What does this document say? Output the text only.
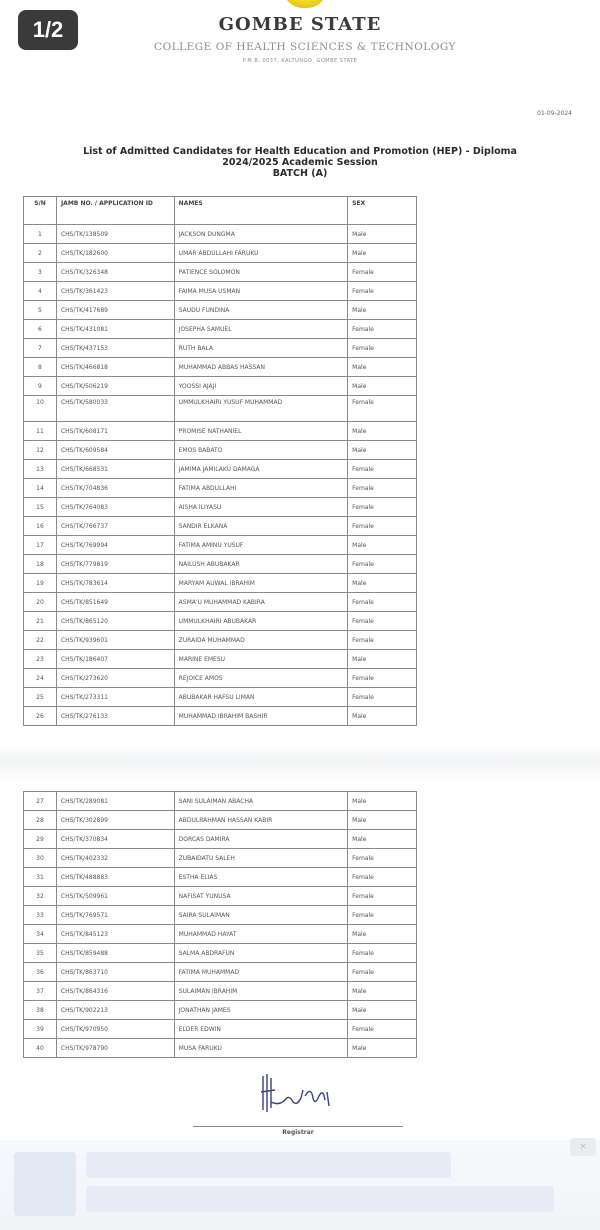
1/2	GOMBE STATE
COLLEGE OF HEALTH SCIENCES & TECHNOLOGY
P.M.B. 0037, KALTUNGO, GOMBE STATE
01-09-2024
List of Admitted Candidates for Health Education and Promotion (HEP) - Diploma
2024/2025 Academic Session
BATCH (A)
S/N	JAMB NO. / APPLICATION ID	NAMES	SEX
1	CHS/TK/138509	JACKSON DUNGMA	Male
2	CHS/TK/182600	UMAR ABDULLAHI FARUKU	Male
3	CHS/TK/326348	PATIENCE SOLOMON	Female
4	CHS/TK/361423	FAIMA MUSA USMAN	Female
5	CHS/TK/417689	SAUDU FUNDINA	Male
6	CHS/TK/431081	JOSEPHA SAMUEL	Female
7	CHS/TK/437153	RUTH BALA	Female
8	CHS/TK/466818	MUHAMMAD ABBAS HASSAN	Male
9	CHS/TK/506219	YOOSSI AJAJI	Male
10	CHS/TK/580033	UMMULKHAIRI YUSUF MUHAMMAD	Female
11	CHS/TK/608171	PROMISE NATHANIEL	Male
12	CHS/TK/609584	EMOS BABATO	Male
13	CHS/TK/668531	JAMIMA JAMILAKU DAMAGA	Female
14	CHS/TK/704836	FATIMA ABDULLAHI	Female
15	CHS/TK/764083	AISHA ILIYASU	Female
16	CHS/TK/766737	SANDIR ELKANA	Female
17	CHS/TK/769994	FATIMA AMINU YUSUF	Male
18	CHS/TK/779819	NAILUSH ABUBAKAR	Female
19	CHS/TK/783614	MARYAM AUWAL IBRAHIM	Male
20	CHS/TK/851649	ASMA'U MUHAMMAD KABIRA	Female
21	CHS/TK/865120	UMMULKHAIRI ABUBAKAR	Female
22	CHS/TK/939601	ZURAIDA MUHAMMAD	Female
23	CHS/TK/186407	MARINE EMESU	Male
24	CHS/TK/273620	REJOICE AMOS	Female
25	CHS/TK/273311	ABUBAKAR HAFSU LIMAN	Female
26	CHS/TK/276133	MUHAMMAD IBRAHIM BASHIR	Male
27	CHS/TK/289081	SANI SULAIMAN ABACHA	Male
28	CHS/TK/302899	ABDULRAHMAN HASSAN KABIR	Male
29	CHS/TK/370834	DORCAS DAMIRA	Male
30	CHS/TK/402332	ZUBAIDATU SALEH	Female
31	CHS/TK/488883	ESTHA ELIAS	Female
32	CHS/TK/509961	NAFISAT YUNUSA	Female
33	CHS/TK/769571	SAIRA SULAIMAN	Female
34	CHS/TK/845123	MUHAMMAD HAYAT	Male
35	CHS/TK/859488	SALMA ABDRAFUN	Female
36	CHS/TK/863710	FATIMA MUHAMMAD	Female
37	CHS/TK/864316	SULAIMAN IBRAHIM	Male
38	CHS/TK/902213	JONATHAN JAMES	Male
39	CHS/TK/970950	ELDER EDWIN	Female
40	CHS/TK/978790	MUSA FARUKU	Male
Registrar
×
